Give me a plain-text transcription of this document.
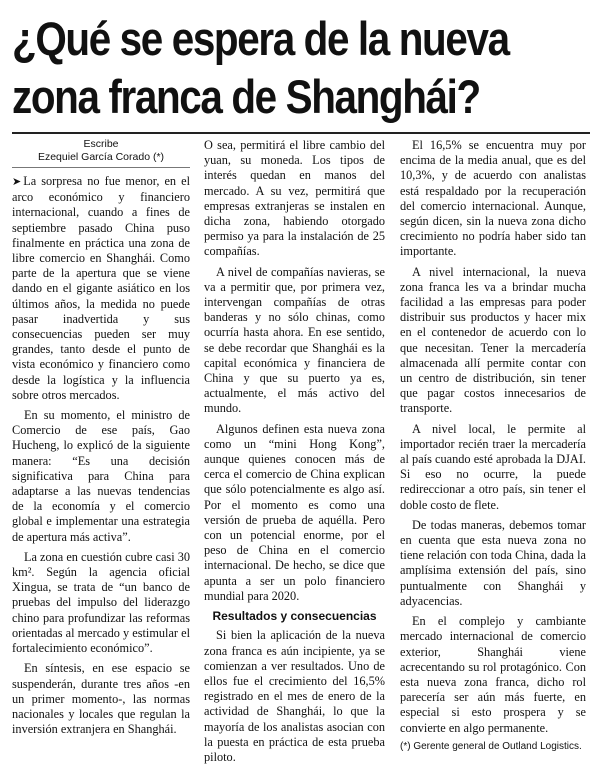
¿Qué se espera de la nueva
zona franca de Shanghái?
Escribe
Ezequiel García Corado (*)

➤ La sorpresa no fue menor, en el arco económico y financiero internacional, cuando a fines de septiembre pasado China puso finalmente en práctica una zona de libre comercio en Shanghái. Como parte de la apertura que se viene dando en el gigante asiático en los últimos años, la medida no puede pasar inadvertida y sus consecuencias pueden ser muy grandes, tanto desde el punto de vista económico y financiero como desde la logística y la influencia sobre otros mercados.

En su momento, el ministro de Comercio de ese país, Gao Hucheng, lo explicó de la siguiente manera: “Es una decisión significativa para China para adaptarse a las nuevas tendencias de la economía y el comercio global e implementar una estrategia de apertura más activa”.

La zona en cuestión cubre casi 30 km². Según la agencia oficial Xingua, se trata de “un banco de pruebas del impulso del liderazgo chino para profundizar las reformas orientadas al mercado y estimular el fortalecimiento económico”.

En síntesis, en ese espacio se suspenderán, durante tres años -en un primer momento-, las normas nacionales y locales que regulan la inversión extranjera en Shanghái.

O sea, permitirá el libre cambio del yuan, su moneda. Los tipos de interés quedan en manos del mercado. A su vez, permitirá que empresas extranjeras se instalen en dicha zona, habiendo otorgado permiso ya para la instalación de 25 compañías.

A nivel de compañías navieras, se va a permitir que, por primera vez, intervengan compañías de otras banderas y no sólo chinas, como ocurría hasta ahora. En ese sentido, se debe recordar que Shanghái es la capital económica y financiera de China y que su puerto ya es, actualmente, el más activo del mundo.

Algunos definen esta nueva zona como un “mini Hong Kong”, aunque quienes conocen más de cerca el comercio de China explican que sólo potencialmente es algo así. Por el momento es como una versión de prueba de aquélla. Pero con un potencial enorme, por el peso de China en el comercio internacional. De hecho, se dice que apunta a ser un polo financiero mundial para 2020.

Resultados y consecuencias

Si bien la aplicación de la nueva zona franca es aún incipiente, ya se comienzan a ver resultados. Uno de ellos fue el crecimiento del 16,5% registrado en el mes de enero de la actividad de Shanghái, lo que la mayoría de los analistas asocian con la puesta en práctica de esta prueba piloto.

El 16,5% se encuentra muy por encima de la media anual, que es del 10,3%, y de acuerdo con analistas está respaldado por la recuperación del comercio internacional. Aunque, según dicen, sin la nueva zona dicho crecimiento no podría haber sido tan importante.

A nivel internacional, la nueva zona franca les va a brindar mucha facilidad a las empresas para poder distribuir sus productos y hacer mix en el contenedor de acuerdo con lo que necesitan. Tener la mercadería almacenada allí permite contar con un centro de distribución, sin tener que pagar costos innecesarios de transporte.

A nivel local, le permite al importador recién traer la mercadería al país cuando esté aprobada la DJAI. Si eso no ocurre, la puede redireccionar a otro país, sin tener el doble costo de flete.

De todas maneras, debemos tomar en cuenta que esta nueva zona no tiene relación con toda China, dada la amplísima extensión del país, sino puntualmente con Shanghái y adyacencias.

En el complejo y cambiante mercado internacional de comercio exterior, Shanghái viene acrecentando su rol protagónico. Con esta nueva zona franca, dicho rol parecería ser aún más fuerte, en especial si esto prospera y se convierte en algo permanente.

(*) Gerente general de Outland Logistics.
